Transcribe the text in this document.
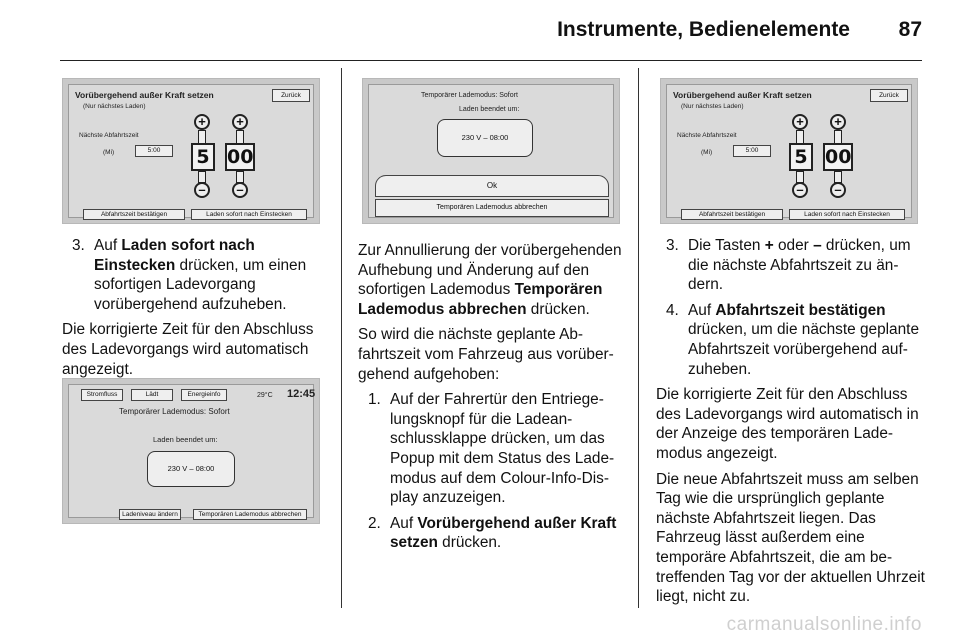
Instrumente, Bedienelemente 87
Vorübergehend außer Kraft setzen
(Nur nächstes Laden)
Zurück
Nächste Abfahrtszeit
(Mi)	5:00
+
5
–
+
00
–
Abfahrtszeit bestätigen	Laden sofort nach Einstecken
3. Auf Laden sofort nach Einstecken drücken, um einen sofortigen Ladevorgang vorübergehend aufzuheben.

Die korrigierte Zeit für den Abschluss des Ladevorgangs wird automatisch angezeigt.

Stromfluss	Lädt	Energieinfo	29°C 12:45
Temporärer Lademodus: Sofort
Laden beendet um:
230 V – 08:00
Ladeniveau ändern	Temporären Lademodus abbrechen
Temporärer Lademodus: Sofort
Laden beendet um:
230 V – 08:00
Ok
Temporären Lademodus abbrechen

Zur Annullierung der vorübergehenden Aufhebung und Änderung auf den sofortigen Lademodus Temporären Lademodus abbrechen drücken.

So wird die nächste geplante Abfahrtszeit vom Fahrzeug aus vorübergehend aufgehoben:

1. Auf der Fahrertür den Entriegelungsknopf für die Ladeanschlussklappe drücken, um das Popup mit dem Status des Lademodus auf dem Colour-Info-Display anzuzeigen.
2. Auf Vorübergehend außer Kraft setzen drücken.
Vorübergehend außer Kraft setzen
(Nur nächstes Laden)
Zurück
Nächste Abfahrtszeit
(Mi)	5:00
+
5
–
+
00
–
Abfahrtszeit bestätigen	Laden sofort nach Einstecken
3. Die Tasten + oder – drücken, um die nächste Abfahrtszeit zu ändern.
4. Auf Abfahrtszeit bestätigen drücken, um die nächste geplante Abfahrtszeit vorübergehend aufzuheben.

Die korrigierte Zeit für den Abschluss des Ladevorgangs wird automatisch in der Anzeige des temporären Lademodus angezeigt.

Die neue Abfahrtszeit muss am selben Tag wie die ursprünglich geplante nächste Abfahrtszeit liegen. Das Fahrzeug lässt außerdem eine temporäre Abfahrtszeit, die am betreffenden Tag vor der aktuellen Uhrzeit liegt, nicht zu.

carmanualsonline.info
